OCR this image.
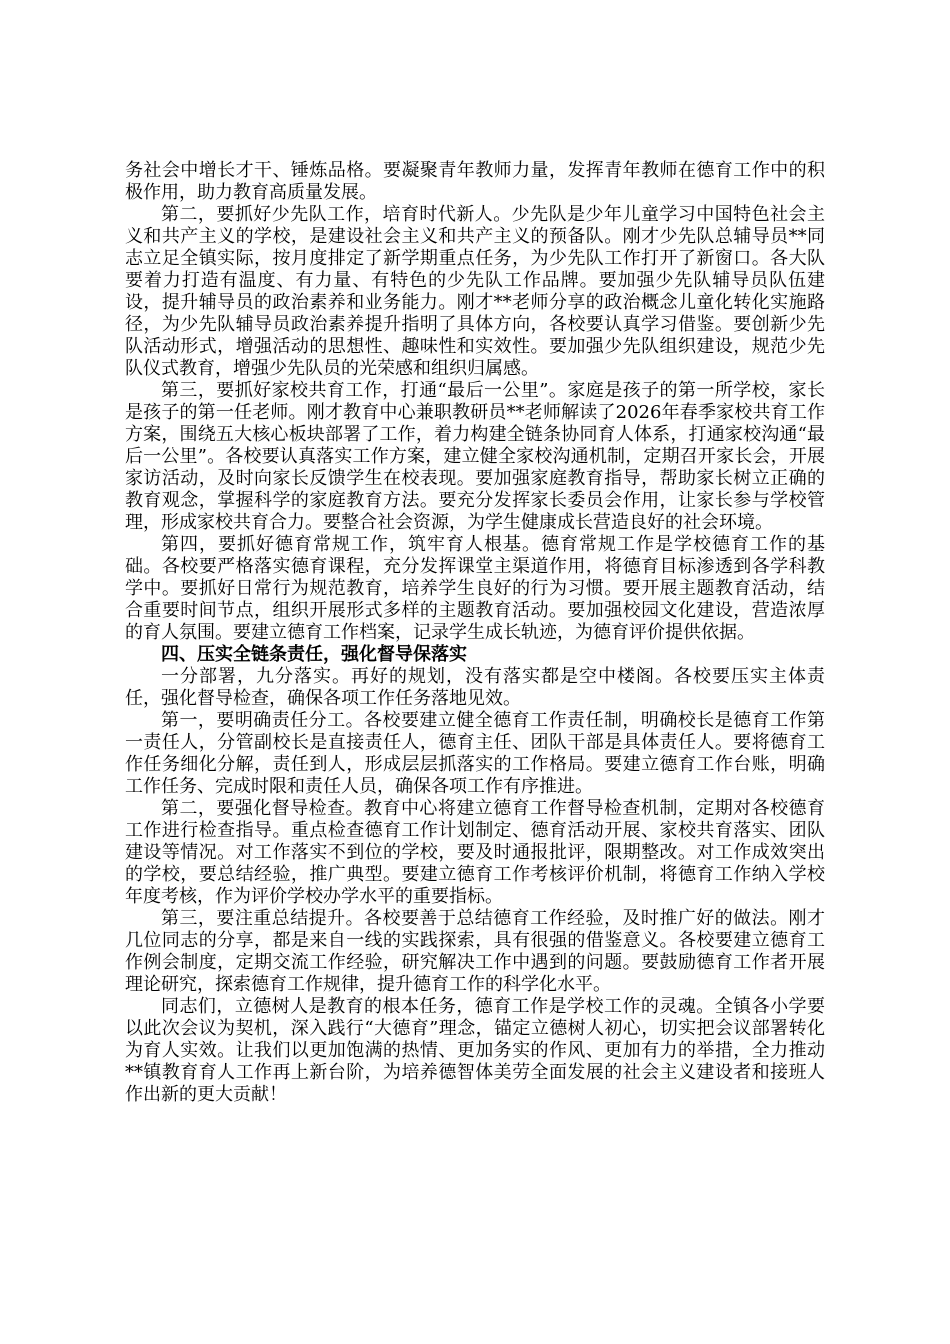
务社会中增长才干、锤炼品格。要凝聚青年教师力量，发挥青年教师在德育工作中的积极作用，助力教育高质量发展。

第二，要抓好少先队工作，培育时代新人。少先队是少年儿童学习中国特色社会主义和共产主义的学校，是建设社会主义和共产主义的预备队。刚才少先队总辅导员**同志立足全镇实际，按月度排定了新学期重点任务，为少先队工作打开了新窗口。各大队要着力打造有温度、有力量、有特色的少先队工作品牌。要加强少先队辅导员队伍建设，提升辅导员的政治素养和业务能力。刚才**老师分享的政治概念儿童化转化实施路径，为少先队辅导员政治素养提升指明了具体方向，各校要认真学习借鉴。要创新少先队活动形式，增强活动的思想性、趣味性和实效性。要加强少先队组织建设，规范少先队仪式教育，增强少先队员的光荣感和组织归属感。

第三，要抓好家校共育工作，打通“最后一公里”。家庭是孩子的第一所学校，家长是孩子的第一任老师。刚才教育中心兼职教研员**老师解读了2026年春季家校共育工作方案，围绕五大核心板块部署了工作，着力构建全链条协同育人体系，打通家校沟通“最后一公里”。各校要认真落实工作方案，建立健全家校沟通机制，定期召开家长会，开展家访活动，及时向家长反馈学生在校表现。要加强家庭教育指导，帮助家长树立正确的教育观念，掌握科学的家庭教育方法。要充分发挥家长委员会作用，让家长参与学校管理，形成家校共育合力。要整合社会资源，为学生健康成长营造良好的社会环境。

第四，要抓好德育常规工作，筑牢育人根基。德育常规工作是学校德育工作的基础。各校要严格落实德育课程，充分发挥课堂主渠道作用，将德育目标渗透到各学科教学中。要抓好日常行为规范教育，培养学生良好的行为习惯。要开展主题教育活动，结合重要时间节点，组织开展形式多样的主题教育活动。要加强校园文化建设，营造浓厚的育人氛围。要建立德育工作档案，记录学生成长轨迹，为德育评价提供依据。

四、压实全链条责任，强化督导保落实

一分部署，九分落实。再好的规划，没有落实都是空中楼阁。各校要压实主体责任，强化督导检查，确保各项工作任务落地见效。

第一，要明确责任分工。各校要建立健全德育工作责任制，明确校长是德育工作第一责任人，分管副校长是直接责任人，德育主任、团队干部是具体责任人。要将德育工作任务细化分解，责任到人，形成层层抓落实的工作格局。要建立德育工作台账，明确工作任务、完成时限和责任人员，确保各项工作有序推进。

第二，要强化督导检查。教育中心将建立德育工作督导检查机制，定期对各校德育工作进行检查指导。重点检查德育工作计划制定、德育活动开展、家校共育落实、团队建设等情况。对工作落实不到位的学校，要及时通报批评，限期整改。对工作成效突出的学校，要总结经验，推广典型。要建立德育工作考核评价机制，将德育工作纳入学校年度考核，作为评价学校办学水平的重要指标。

第三，要注重总结提升。各校要善于总结德育工作经验，及时推广好的做法。刚才几位同志的分享，都是来自一线的实践探索，具有很强的借鉴意义。各校要建立德育工作例会制度，定期交流工作经验，研究解决工作中遇到的问题。要鼓励德育工作者开展理论研究，探索德育工作规律，提升德育工作的科学化水平。

同志们，立德树人是教育的根本任务，德育工作是学校工作的灵魂。全镇各小学要以此次会议为契机，深入践行“大德育”理念，锚定立德树人初心，切实把会议部署转化为育人实效。让我们以更加饱满的热情、更加务实的作风、更加有力的举措，全力推动**镇教育育人工作再上新台阶，为培养德智体美劳全面发展的社会主义建设者和接班人作出新的更大贡献！
